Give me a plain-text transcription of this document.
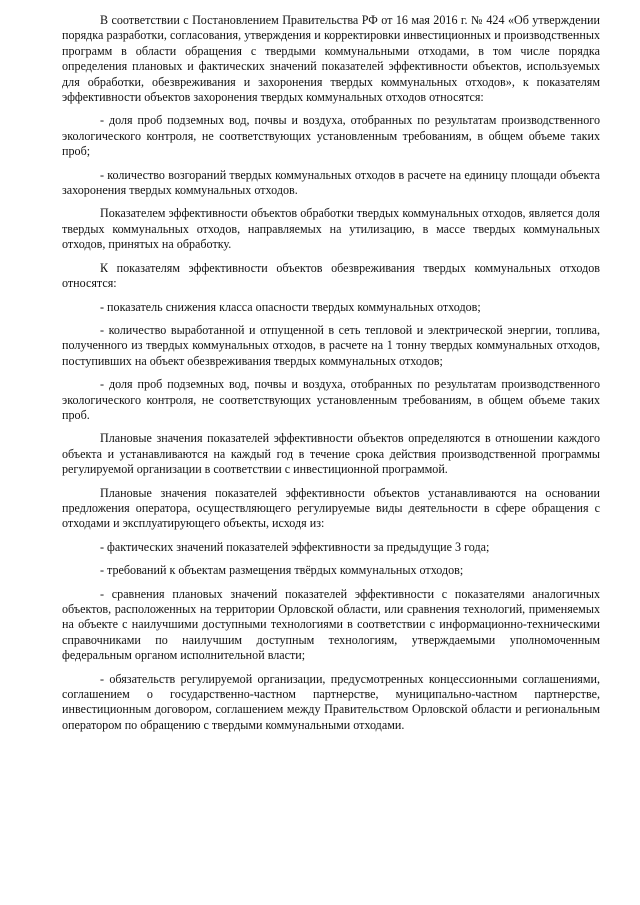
В соответствии с Постановлением Правительства РФ от 16 мая 2016 г. № 424 «Об утверждении порядка разработки, согласования, утверждения и корректировки инвестиционных и производственных программ в области обращения с твердыми коммунальными отходами, в том числе порядка определения плановых и фактических значений показателей эффективности объектов, используемых для обработки, обезвреживания и захоронения твердых коммунальных отходов», к показателям эффективности объектов захоронения твердых коммунальных отходов относятся:

- доля проб подземных вод, почвы и воздуха, отобранных по результатам производственного экологического контроля, не соответствующих установленным требованиям, в общем объеме таких проб;

- количество возгораний твердых коммунальных отходов в расчете на единицу площади объекта захоронения твердых коммунальных отходов.

Показателем эффективности объектов обработки твердых коммунальных отходов, является доля твердых коммунальных отходов, направляемых на утилизацию, в массе твердых коммунальных отходов, принятых на обработку.

К показателям эффективности объектов обезвреживания твердых коммунальных отходов относятся:

- показатель снижения класса опасности твердых коммунальных отходов;

- количество выработанной и отпущенной в сеть тепловой и электрической энергии, топлива, полученного из твердых коммунальных отходов, в расчете на 1 тонну твердых коммунальных отходов, поступивших на объект обезвреживания твердых коммунальных отходов;

- доля проб подземных вод, почвы и воздуха, отобранных по результатам производственного экологического контроля, не соответствующих установленным требованиям, в общем объеме таких проб.

Плановые значения показателей эффективности объектов определяются в отношении каждого объекта и устанавливаются на каждый год в течение срока действия производственной программы регулируемой организации в соответствии с инвестиционной программой.

Плановые значения показателей эффективности объектов устанавливаются на основании предложения оператора, осуществляющего регулируемые виды деятельности в сфере обращения с отходами и эксплуатирующего объекты, исходя из:

- фактических значений показателей эффективности за предыдущие 3 года;

- требований к объектам размещения твёрдых коммунальных отходов;

- сравнения плановых значений показателей эффективности с показателями аналогичных объектов, расположенных на территории Орловской области, или сравнения технологий, применяемых на объекте с наилучшими доступными технологиями в соответствии с информационно-техническими справочниками по наилучшим доступным технологиям, утверждаемыми уполномоченным федеральным органом исполнительной власти;

- обязательств регулируемой организации, предусмотренных концессионными соглашениями, соглашением о государственно-частном партнерстве, муниципально-частном партнерстве, инвестиционным договором, соглашением между Правительством Орловской области и региональным оператором по обращению с твердыми коммунальными отходами.
